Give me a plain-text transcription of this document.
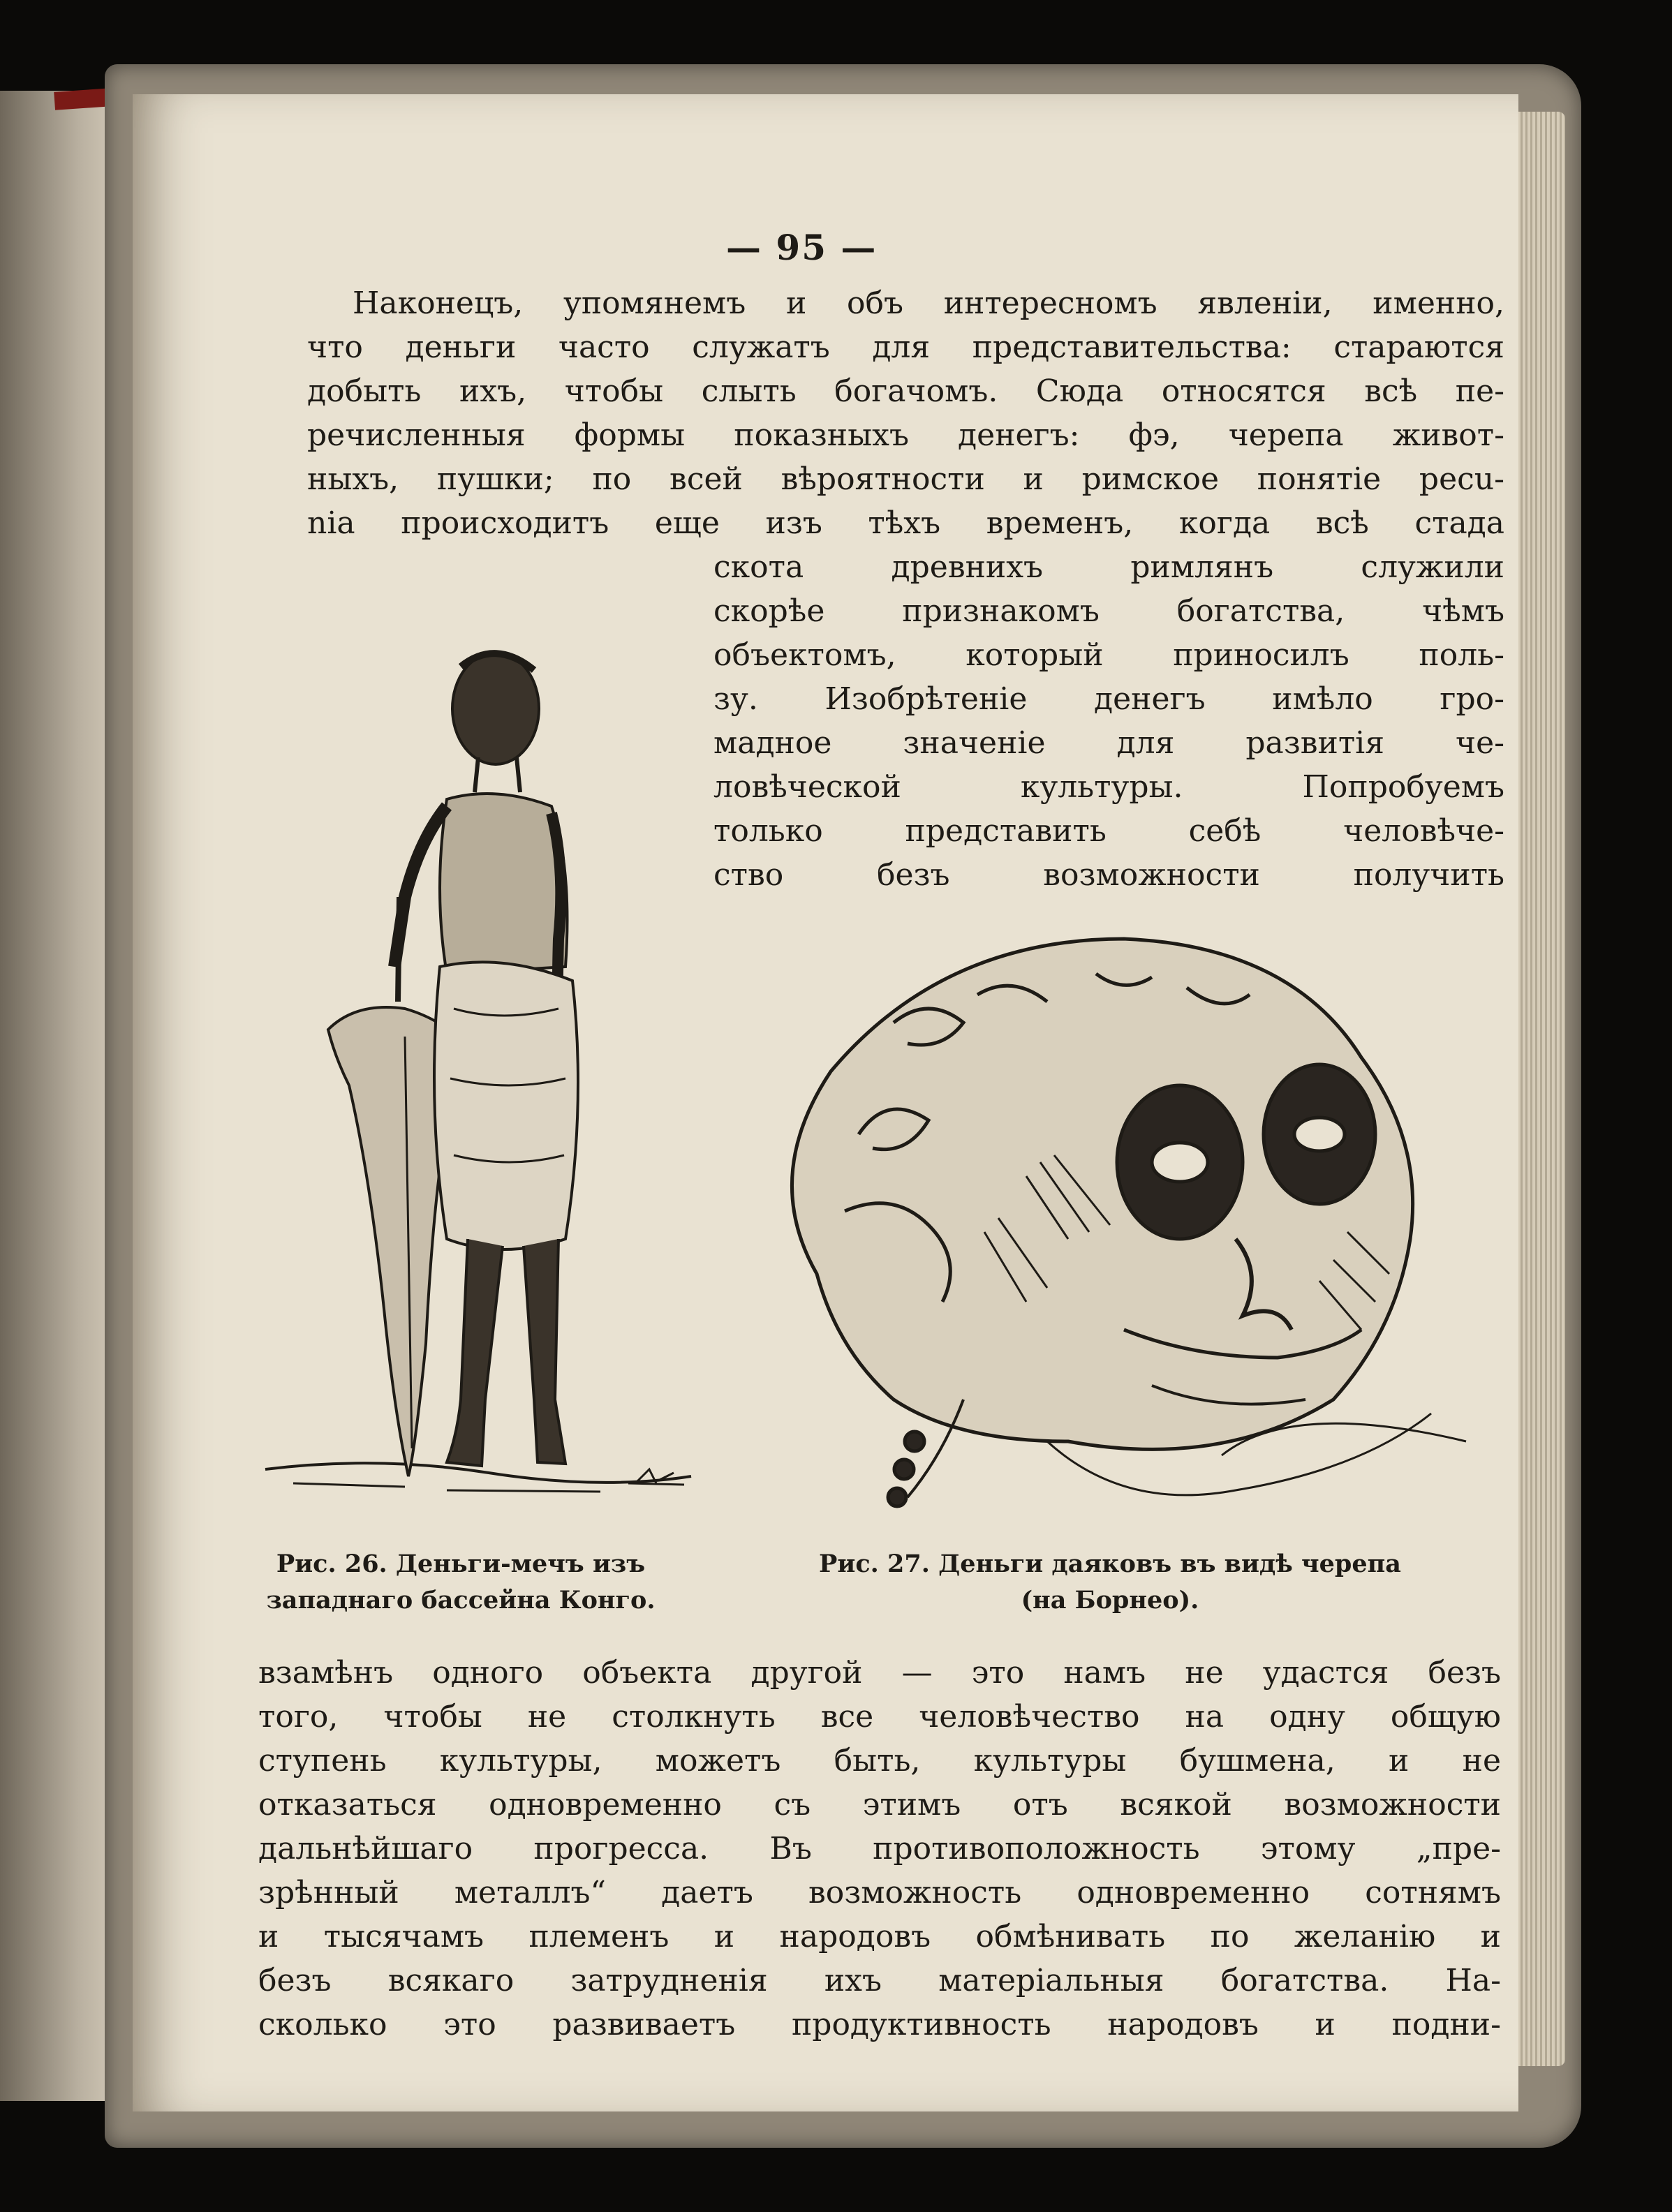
— 95 —
Наконецъ, упомянемъ и объ интересномъ явленiи, именно,
что деньги часто служатъ для представительства: стараются
добыть ихъ, чтобы слыть богачомъ. Сюда относятся всѣ пе-
речисленныя формы показныхъ денегъ: фэ, черепа живот-
ныхъ, пушки; по всей вѣроятности и римское понятiе pecu-
nia происходитъ еще изъ тѣхъ временъ, когда всѣ стада
скота древнихъ римлянъ служили
скорѣе признакомъ богатства, чѣмъ
объектомъ, который приносилъ поль-
зу. Изобрѣтенiе денегъ имѣло гро-
мадное значенiе для развитiя че-
ловѣческой культуры. Попробуемъ
только представить себѣ человѣче-
ство безъ возможности получить
Рис. 26. Деньги-мечъ изъ
западнаго бассейна Конго.
Рис. 27. Деньги даяковъ въ видѣ черепа
(на Борнео).
взамѣнъ одного объекта другой — это намъ не удастся безъ
того, чтобы не столкнуть все человѣчество на одну общую
ступень культуры, можетъ быть, культуры бушмена, и не
отказаться одновременно съ этимъ отъ всякой возможности
дальнѣйшаго прогресса. Въ противоположность этому „пре-
зрѣнный металлъ“ даетъ возможность одновременно сотнямъ
и тысячамъ племенъ и народовъ обмѣнивать по желанiю и
безъ всякаго затрудненiя ихъ матерiальныя богатства. На-
сколько это развиваетъ продуктивность народовъ и подни-
